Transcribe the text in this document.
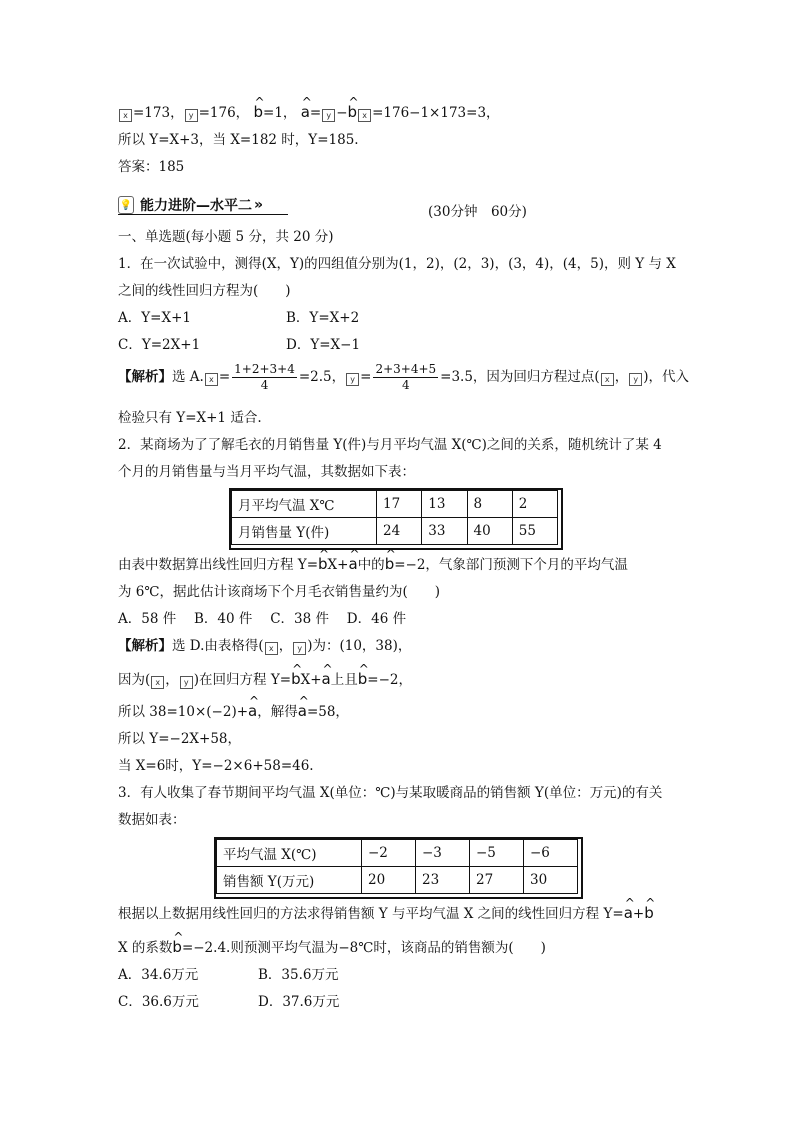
x =173， y =176， ^ b=1， ^ a= y −^ b x =176−1×173=3，
所以 Y=X+3，当 X=182 时，Y=185.
答案：185
💡 能力进阶—水平二 »	(30分钟　60分)
一、单选题(每小题 5 分，共 20 分)
1．在一次试验中，测得(X，Y)的四组值分别为(1，2)，(2，3)，(3，4)，(4，5)，则 Y 与 X
之间的线性回归方程为(　　)
A．Y=X+1	B．Y=X+2
C．Y=2X+1	D．Y=X−1
【解析】选 A. $x = \frac{1+2+3+4}{4} =2.5$， $y = \frac{2+3+4+5}{4} =3.5$，因为回归方程过点( x ， y )，代入
检验只有 Y=X+1 适合.
2．某商场为了了解毛衣的月销售量 Y(件)与月平均气温 X(℃)之间的关系，随机统计了某 4
个月的月销售量与当月平均气温，其数据如下表：
月平均气温 X℃	17	13	8	2
月销售量 Y(件)	24	33	40	55
由表中数据算出线性回归方程 Y=^ bX+^ a中的^ b=−2，气象部门预测下个月的平均气温
为 6℃，据此估计该商场下个月毛衣销售量约为(　　)
A．58 件　 B．40 件　 C．38 件　 D．46 件
【解析】选 D.由表格得( x ， y )为：(10，38)，
因为( x ， y )在回归方程 Y=^ bX+^ a上且^ b=−2，
所以 38=10×(−2)+^ a，解得^ a=58，
所以 Y=−2X+58，
当 X=6时，Y=−2×6+58=46.
3．有人收集了春节期间平均气温 X(单位：℃)与某取暖商品的销售额 Y(单位：万元)的有关
数据如表：
平均气温 X(℃)	−2	−3	−5	−6
销售额 Y(万元)	20	23	27	30
根据以上数据用线性回归的方法求得销售额 Y 与平均气温 X 之间的线性回归方程 Y=^ a+^ b
X 的系数^ b=−2.4.则预测平均气温为−8℃时，该商品的销售额为(　　)
A．34.6万元	B．35.6万元
C．36.6万元	D．37.6万元
